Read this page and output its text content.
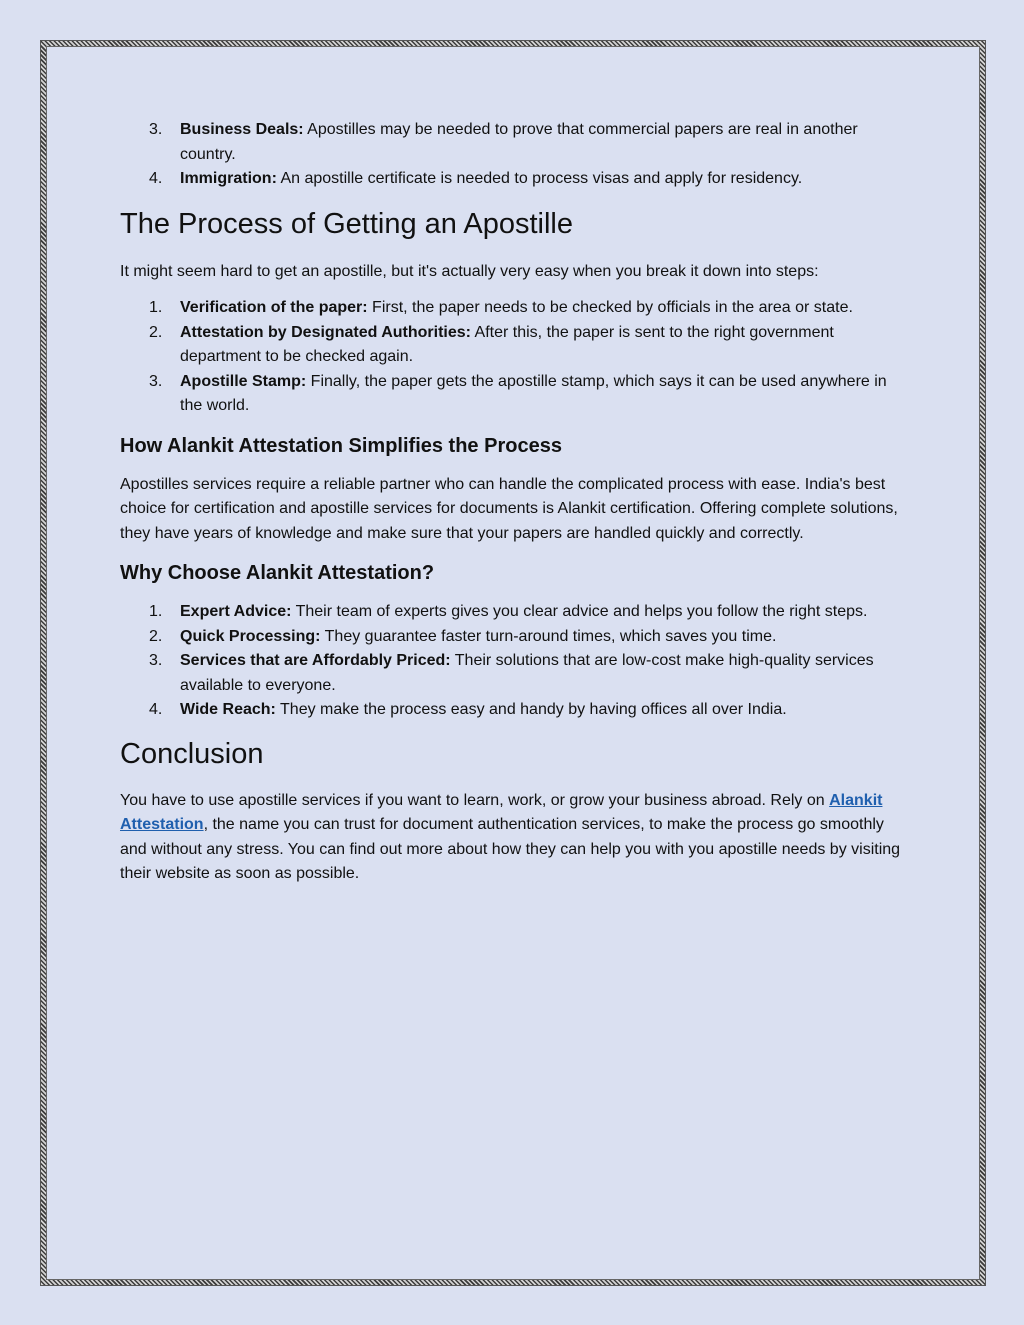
3. Business Deals: Apostilles may be needed to prove that commercial papers are real in another country.
4. Immigration: An apostille certificate is needed to process visas and apply for residency.
The Process of Getting an Apostille

It might seem hard to get an apostille, but it's actually very easy when you break it down into steps:

1. Verification of the paper: First, the paper needs to be checked by officials in the area or state.
2. Attestation by Designated Authorities: After this, the paper is sent to the right government department to be checked again.
3. Apostille Stamp: Finally, the paper gets the apostille stamp, which says it can be used anywhere in the world.
How Alankit Attestation Simplifies the Process

Apostilles services require a reliable partner who can handle the complicated process with ease. India's best choice for certification and apostille services for documents is Alankit certification. Offering complete solutions, they have years of knowledge and make sure that your papers are handled quickly and correctly.

Why Choose Alankit Attestation?
1. Expert Advice: Their team of experts gives you clear advice and helps you follow the right steps.
2. Quick Processing: They guarantee faster turn-around times, which saves you time.
3. Services that are Affordably Priced: Their solutions that are low-cost make high-quality services available to everyone.
4. Wide Reach: They make the process easy and handy by having offices all over India.
Conclusion

You have to use apostille services if you want to learn, work, or grow your business abroad. Rely on Alankit Attestation, the name you can trust for document authentication services, to make the process go smoothly and without any stress. You can find out more about how they can help you with you apostille needs by visiting their website as soon as possible.
